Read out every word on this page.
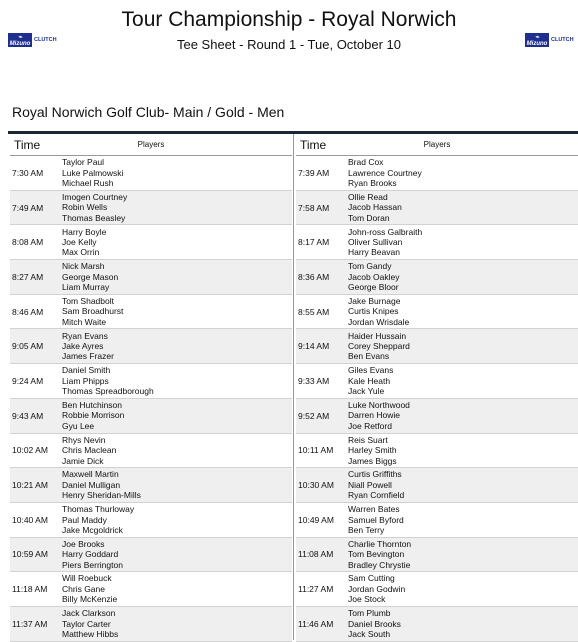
⌁
Mizuno
CLUTCH	⌁
Mizuno
CLUTCH
Tour Championship - Royal Norwich
Tee Sheet - Round 1 - Tue, October 10
Royal Norwich Golf Club- Main / Gold - Men
Time	Players
7:30 AM
Taylor Paul
Luke Palmowski
Michael Rush
7:49 AM
Imogen Courtney
Robin Wells
Thomas Beasley
8:08 AM
Harry Boyle
Joe Kelly
Max Orrin
8:27 AM
Nick Marsh
George Mason
Liam Murray
8:46 AM
Tom Shadbolt
Sam Broadhurst
Mitch Waite
9:05 AM
Ryan Evans
Jake Ayres
James Frazer
9:24 AM
Daniel Smith
Liam Phipps
Thomas Spreadborough
9:43 AM
Ben Hutchinson
Robbie Morrison
Gyu Lee
10:02 AM
Rhys Nevin
Chris Maclean
Jamie Dick
10:21 AM
Maxwell Martin
Daniel Mulligan
Henry Sheridan-Mills
10:40 AM
Thomas Thurloway
Paul Maddy
Jake Mcgoldrick
10:59 AM
Joe Brooks
Harry Goddard
Piers Berrington
11:18 AM
Will Roebuck
Chris Gane
Billy McKenzie
11:37 AM
Jack Clarkson
Taylor Carter
Matthew Hibbs
Time	Players
7:39 AM
Brad Cox
Lawrence Courtney
Ryan Brooks
7:58 AM
Ollie Read
Jacob Hassan
Tom Doran
8:17 AM
John-ross Galbraith
Oliver Sullivan
Harry Beavan
8:36 AM
Tom Gandy
Jacob Oakley
George Bloor
8:55 AM
Jake Burnage
Curtis Knipes
Jordan Wrisdale
9:14 AM
Haider Hussain
Corey Sheppard
Ben Evans
9:33 AM
Giles Evans
Kale Heath
Jack Yule
9:52 AM
Luke Northwood
Darren Howie
Joe Retford
10:11 AM
Reis Suart
Harley Smith
James Biggs
10:30 AM
Curtis Griffiths
Niall Powell
Ryan Cornfield
10:49 AM
Warren Bates
Samuel Byford
Ben Terry
11:08 AM
Charlie Thornton
Tom Bevington
Bradley Chrystie
11:27 AM
Sam Cutting
Jordan Godwin
Joe Stock
11:46 AM
Tom Plumb
Daniel Brooks
Jack South
